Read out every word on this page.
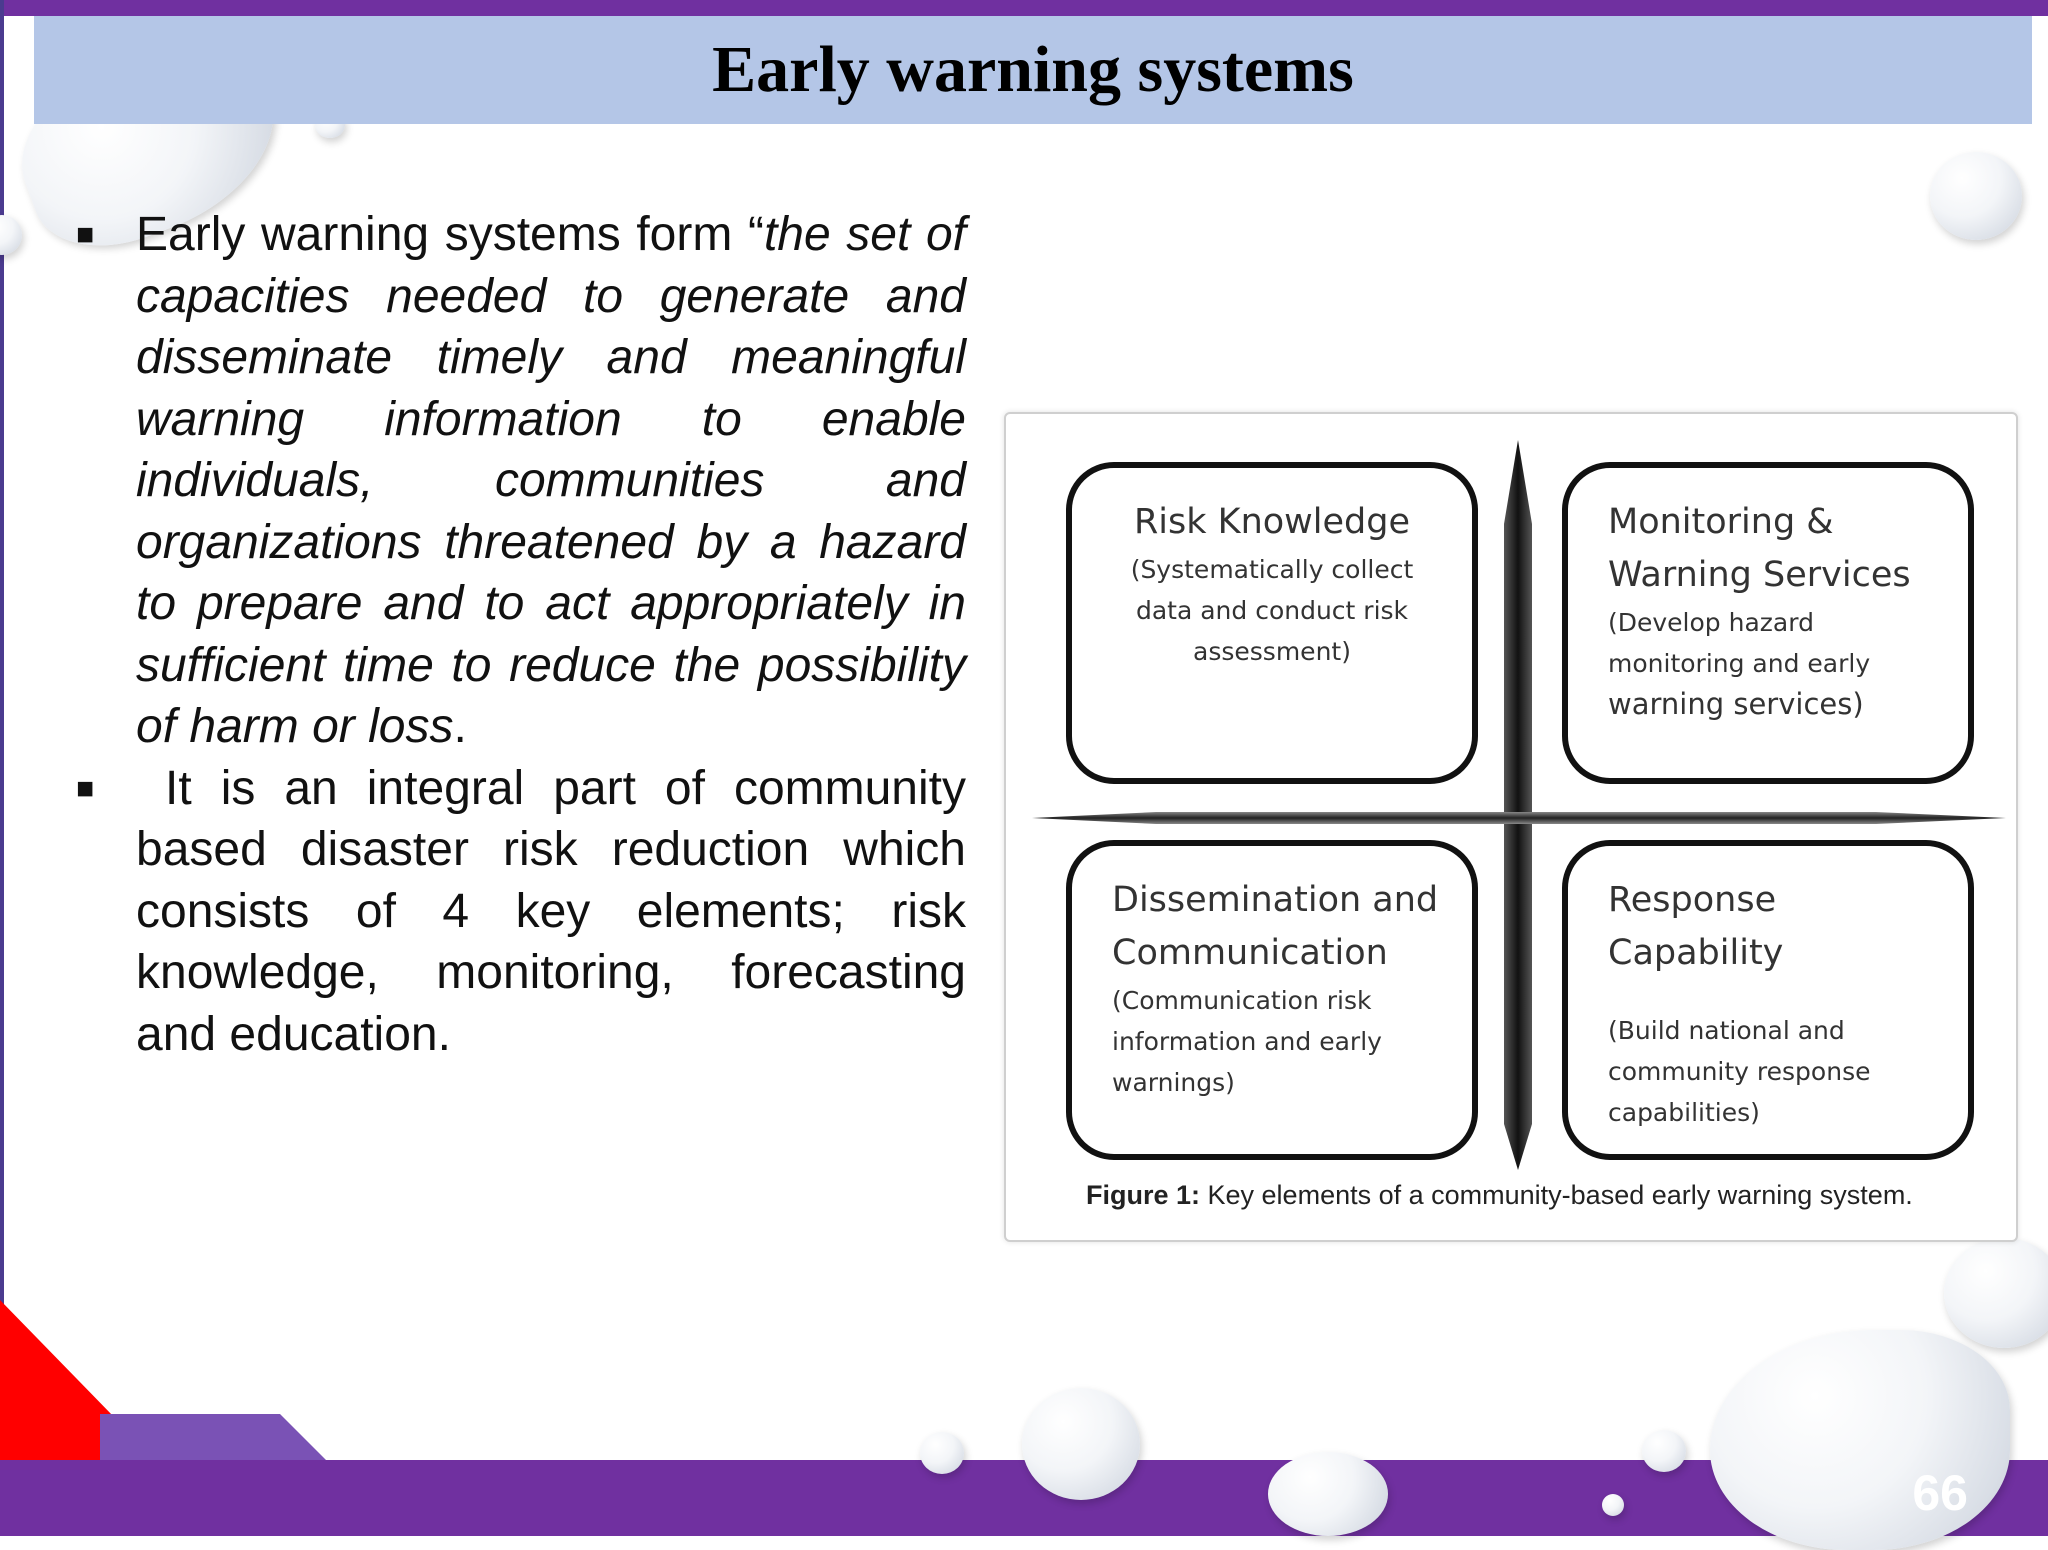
Early warning systems
■ Early warning systems form “the set of capacities needed to generate and disseminate timely and meaningful warning information to enable individuals, communities and organizations threatened by a hazard to prepare and to act appropriately in sufficient time to reduce the possibility of harm or loss.
■ It is an integral part of community based disaster risk reduction which consists of 4 key elements; risk knowledge, monitoring, forecasting and education.
Risk Knowledge
(Systematically collect
data and conduct risk
assessment)
Monitoring &
Warning Services
(Develop hazard
monitoring and early
warning services)
Dissemination and
Communication
(Communication risk
information and early
warnings)
Response
Capability
(Build national and
community response
capabilities)
Figure 1: Key elements of a community-based early warning system.
66
